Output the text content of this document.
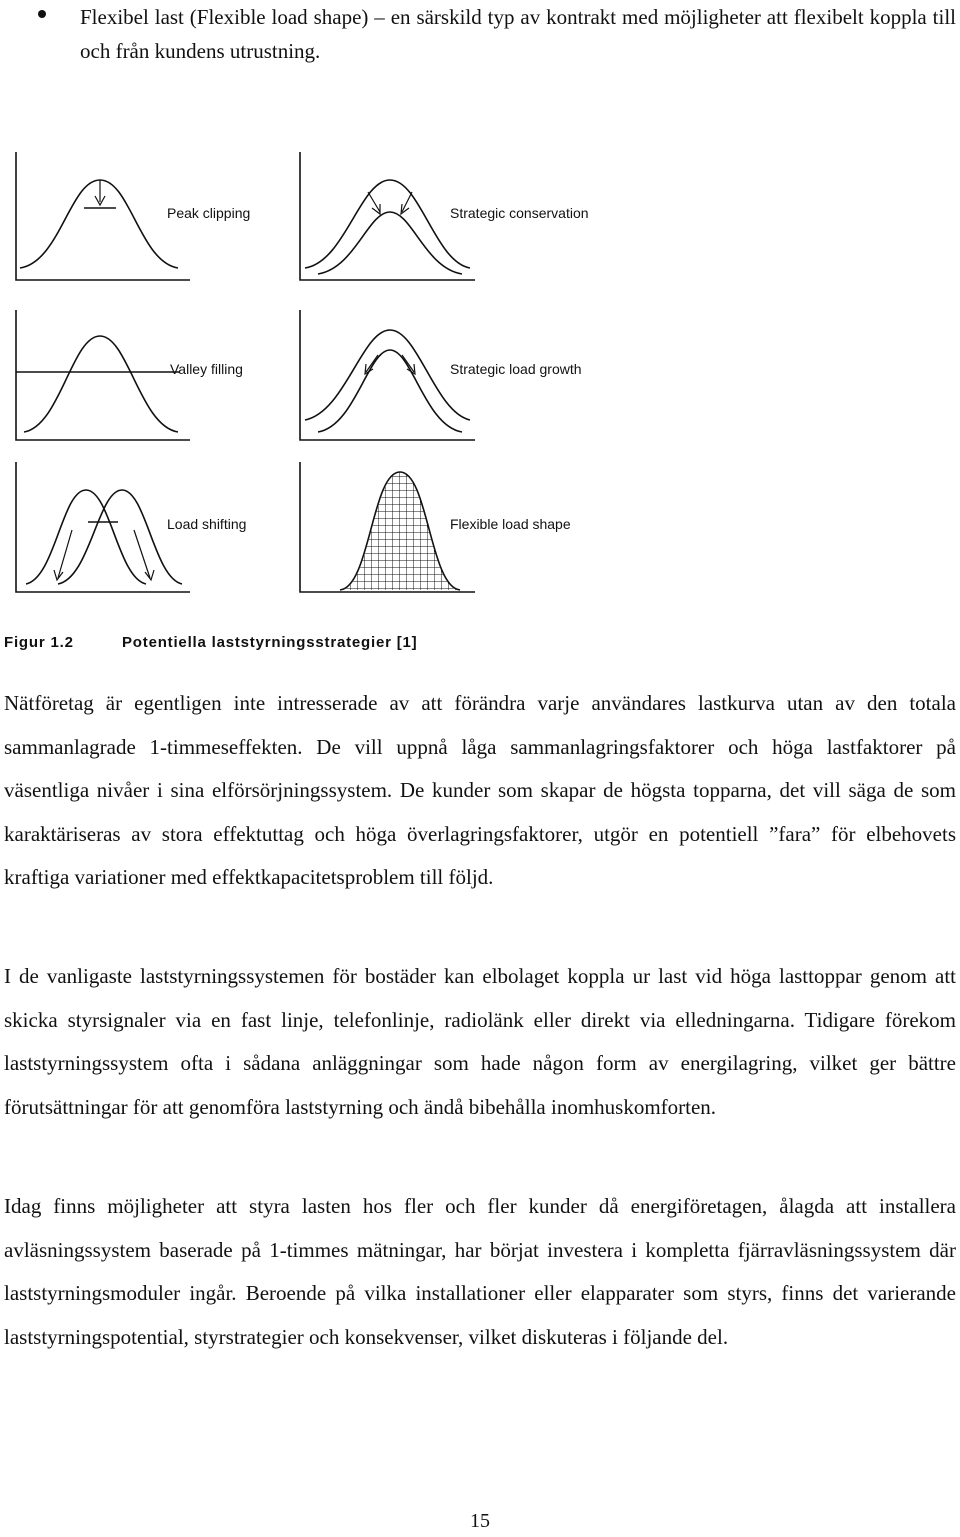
Flexibel last (Flexible load shape) – en särskild typ av kontrakt med möjligheter att flexibelt koppla till och från kundens utrustning.
Peak clipping	Strategic conservation
Valley filling	Strategic load growth
Load shifting	Flexible load shape
Figur 1.2	Potentiella laststyrningsstrategier [1]
Nätföretag är egentligen inte intresserade av att förändra varje användares lastkurva utan av den totala sammanlagrade 1-timmeseffekten. De vill uppnå låga sammanlagringsfaktorer och höga lastfaktorer på väsentliga nivåer i sina elförsörjningssystem. De kunder som skapar de högsta topparna, det vill säga de som karaktäriseras av stora effektuttag och höga överlagringsfaktorer, utgör en potentiell ”fara” för elbehovets kraftiga variationer med effektkapacitetsproblem till följd.
I de vanligaste laststyrningssystemen för bostäder kan elbolaget koppla ur last vid höga lasttoppar genom att skicka styrsignaler via en fast linje, telefonlinje, radiolänk eller direkt via elledningarna. Tidigare förekom laststyrningssystem ofta i sådana anläggningar som hade någon form av energilagring, vilket ger bättre förutsättningar för att genomföra laststyrning och ändå bibehålla inomhuskomforten.
Idag finns möjligheter att styra lasten hos fler och fler kunder då energiföretagen, ålagda att installera avläsningssystem baserade på 1-timmes mätningar, har börjat investera i kompletta fjärravläsningssystem där laststyrningsmoduler ingår. Beroende på vilka installationer eller elapparater som styrs, finns det varierande laststyrningspotential, styrstrategier och konsekvenser, vilket diskuteras i följande del.
15
